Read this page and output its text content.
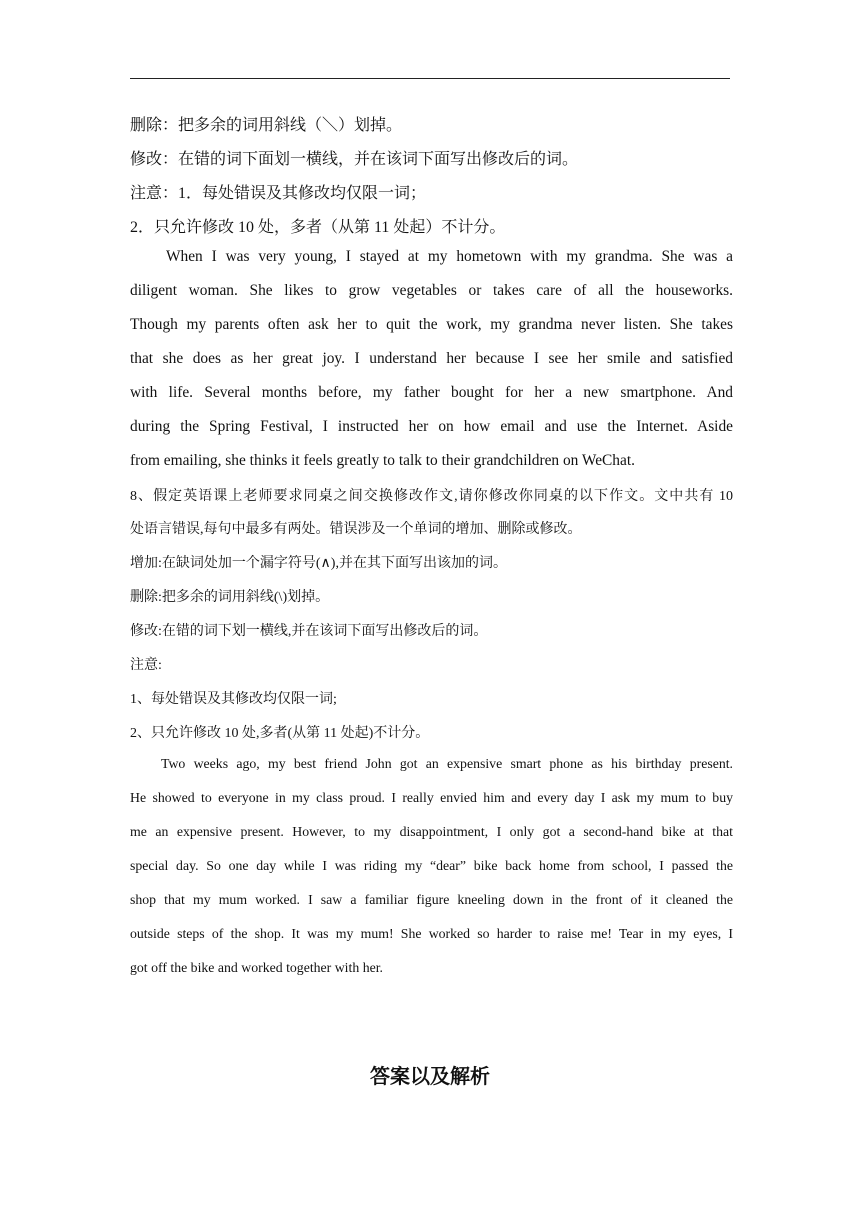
删除：把多余的词用斜线（＼）划掉。
修改：在错的词下面划一横线，并在该词下面写出修改后的词。
注意：1．每处错误及其修改均仅限一词；
2．只允许修改 10 处，多者（从第 11 处起）不计分。
When I was very young, I stayed at my hometown with my grandma. She was a
diligent woman. She likes to grow vegetables or takes care of all the houseworks.
Though my parents often ask her to quit the work, my grandma never listen. She takes
that she does as her great joy. I understand her because I see her smile and satisfied
with life. Several months before, my father bought for her a new smartphone. And
during the Spring Festival, I instructed her on how email and use the Internet. Aside
from emailing, she thinks it feels greatly to talk to their grandchildren on WeChat.
8、假定英语课上老师要求同桌之间交换修改作文,请你修改你同桌的以下作文。文中共有 10
处语言错误,每句中最多有两处。错误涉及一个单词的增加、删除或修改。
增加:在缺词处加一个漏字符号(∧),并在其下面写出该加的词。
删除:把多余的词用斜线(\)划掉。
修改:在错的词下划一横线,并在该词下面写出修改后的词。
注意:
1、每处错误及其修改均仅限一词;
2、只允许修改 10 处,多者(从第 11 处起)不计分。
Two weeks ago, my best friend John got an expensive smart phone as his birthday present.
He showed to everyone in my class proud. I really envied him and every day I ask my mum to buy
me an expensive present. However, to my disappointment, I only got a second-hand bike at that
special day. So one day while I was riding my “dear” bike back home from school, I passed the
shop that my mum worked. I saw a familiar figure kneeling down in the front of it cleaned the
outside steps of the shop. It was my mum! She worked so harder to raise me! Tear in my eyes, I
got off the bike and worked together with her.
答案以及解析
